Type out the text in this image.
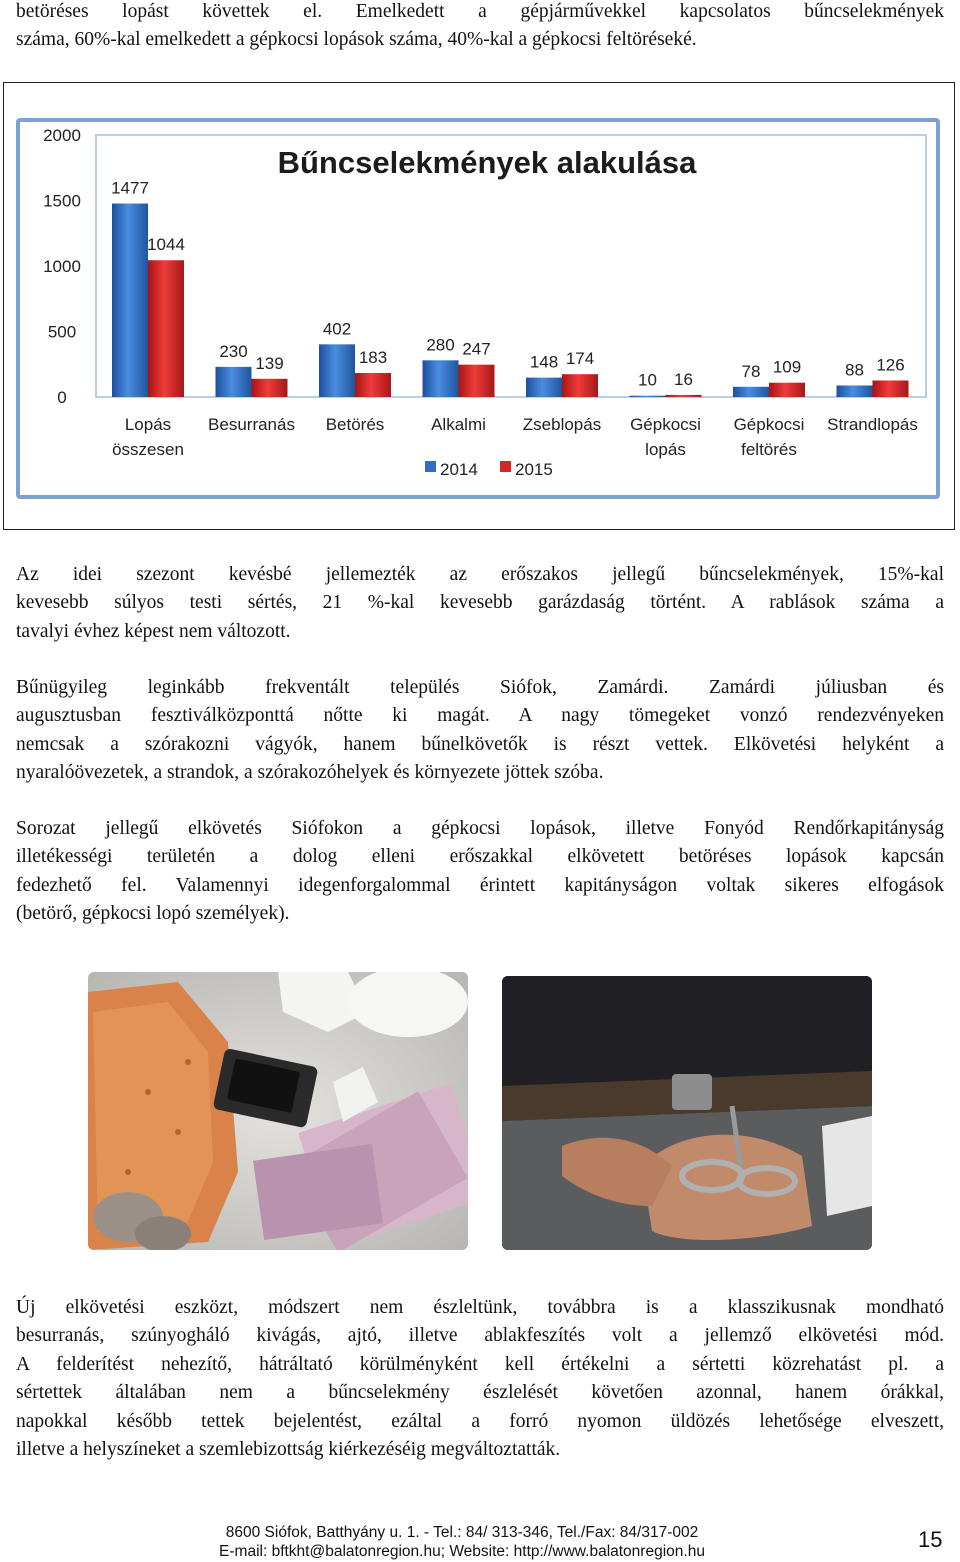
betöréses lopást követtek el. Emelkedett a gépjárművekkel kapcsolatos bűncselekmények
száma, 60%-kal emelkedett a gépkocsi lopások száma, 40%-kal a gépkocsi feltöréseké.
Bűncselekmények alakulása
0
500
1000
1500
2000
1477
1044
230
139
402
183
280 247
148 174
10 16	78 109	88 126
Lopás
összesen
Besurranás Betörés	Alkalmi Zseblopás Gépkocsi
lopás
Gépkocsi
feltörés
Strandlopás
2014 2015
Az idei szezont kevésbé jellemezték az erőszakos jellegű bűncselekmények, 15%-kal
kevesebb súlyos testi sértés, 21 %-kal kevesebb garázdaság történt. A rablások száma a
tavalyi évhez képest nem változott.
Bűnügyileg leginkább frekventált település Siófok, Zamárdi. Zamárdi júliusban és
augusztusban fesztiválközponttá nőtte ki magát. A nagy tömegeket vonzó rendezvényeken
nemcsak a szórakozni vágyók, hanem bűnelkövetők is részt vettek. Elkövetési helyként a
nyaralóövezetek, a strandok, a szórakozóhelyek és környezete jöttek szóba.
Sorozat jellegű elkövetés Siófokon a gépkocsi lopások, illetve Fonyód Rendőrkapitányság
illetékességi területén a dolog elleni erőszakkal elkövetett betöréses lopások kapcsán
fedezhető fel. Valamennyi idegenforgalommal érintett kapitányságon voltak sikeres elfogások
(betörő, gépkocsi lopó személyek).
Új elkövetési eszközt, módszert nem észleltünk, továbbra is a klasszikusnak mondható
besurranás, szúnyogháló kivágás, ajtó, illetve ablakfeszítés volt a jellemző elkövetési mód.
A felderítést nehezítő, hátráltató körülményként kell értékelni a sértetti közrehatást pl. a
sértettek általában nem a bűncselekmény észlelését követően azonnal, hanem órákkal,
napokkal később tettek bejelentést, ezáltal a forró nyomon üldözés lehetősége elveszett,
illetve a helyszíneket a szemlebizottság kiérkezéséig megváltoztatták.
8600 Siófok, Batthyány u. 1. - Tel.: 84/ 313-346, Tel./Fax: 84/317-002
E-mail: bftkht@balatonregion.hu; Website: http://www.balatonregion.hu	15
